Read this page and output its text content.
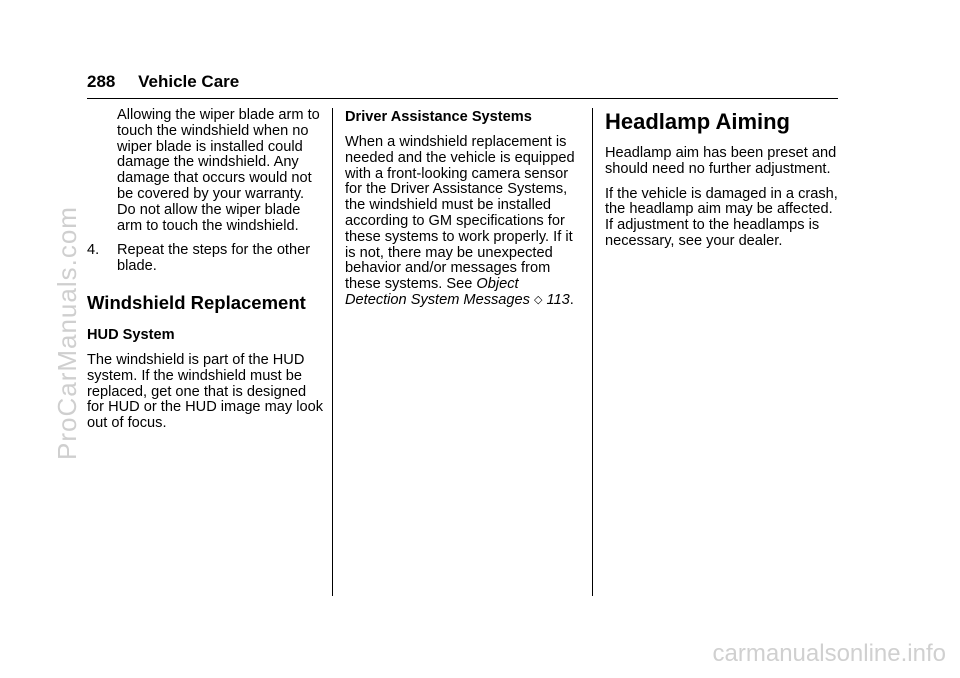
288 Vehicle Care

Allowing the wiper blade arm to touch the windshield when no wiper blade is installed could damage the windshield. Any damage that occurs would not be covered by your warranty. Do not allow the wiper blade arm to touch the windshield.

4.	Repeat the steps for the other blade.
Windshield Replacement
HUD System

The windshield is part of the HUD system. If the windshield must be replaced, get one that is designed for HUD or the HUD image may look out of focus.

Driver Assistance Systems

When a windshield replacement is needed and the vehicle is equipped with a front-looking camera sensor for the Driver Assistance Systems, the windshield must be installed according to GM specifications for these systems to work properly. If it is not, there may be unexpected behavior and/or messages from these systems. See Object Detection System Messages ◇ 113.

Headlamp Aiming

Headlamp aim has been preset and should need no further adjustment.

If the vehicle is damaged in a crash, the headlamp aim may be affected. If adjustment to the headlamps is necessary, see your dealer.

ProCarManuals.com
carmanualsonline.info
